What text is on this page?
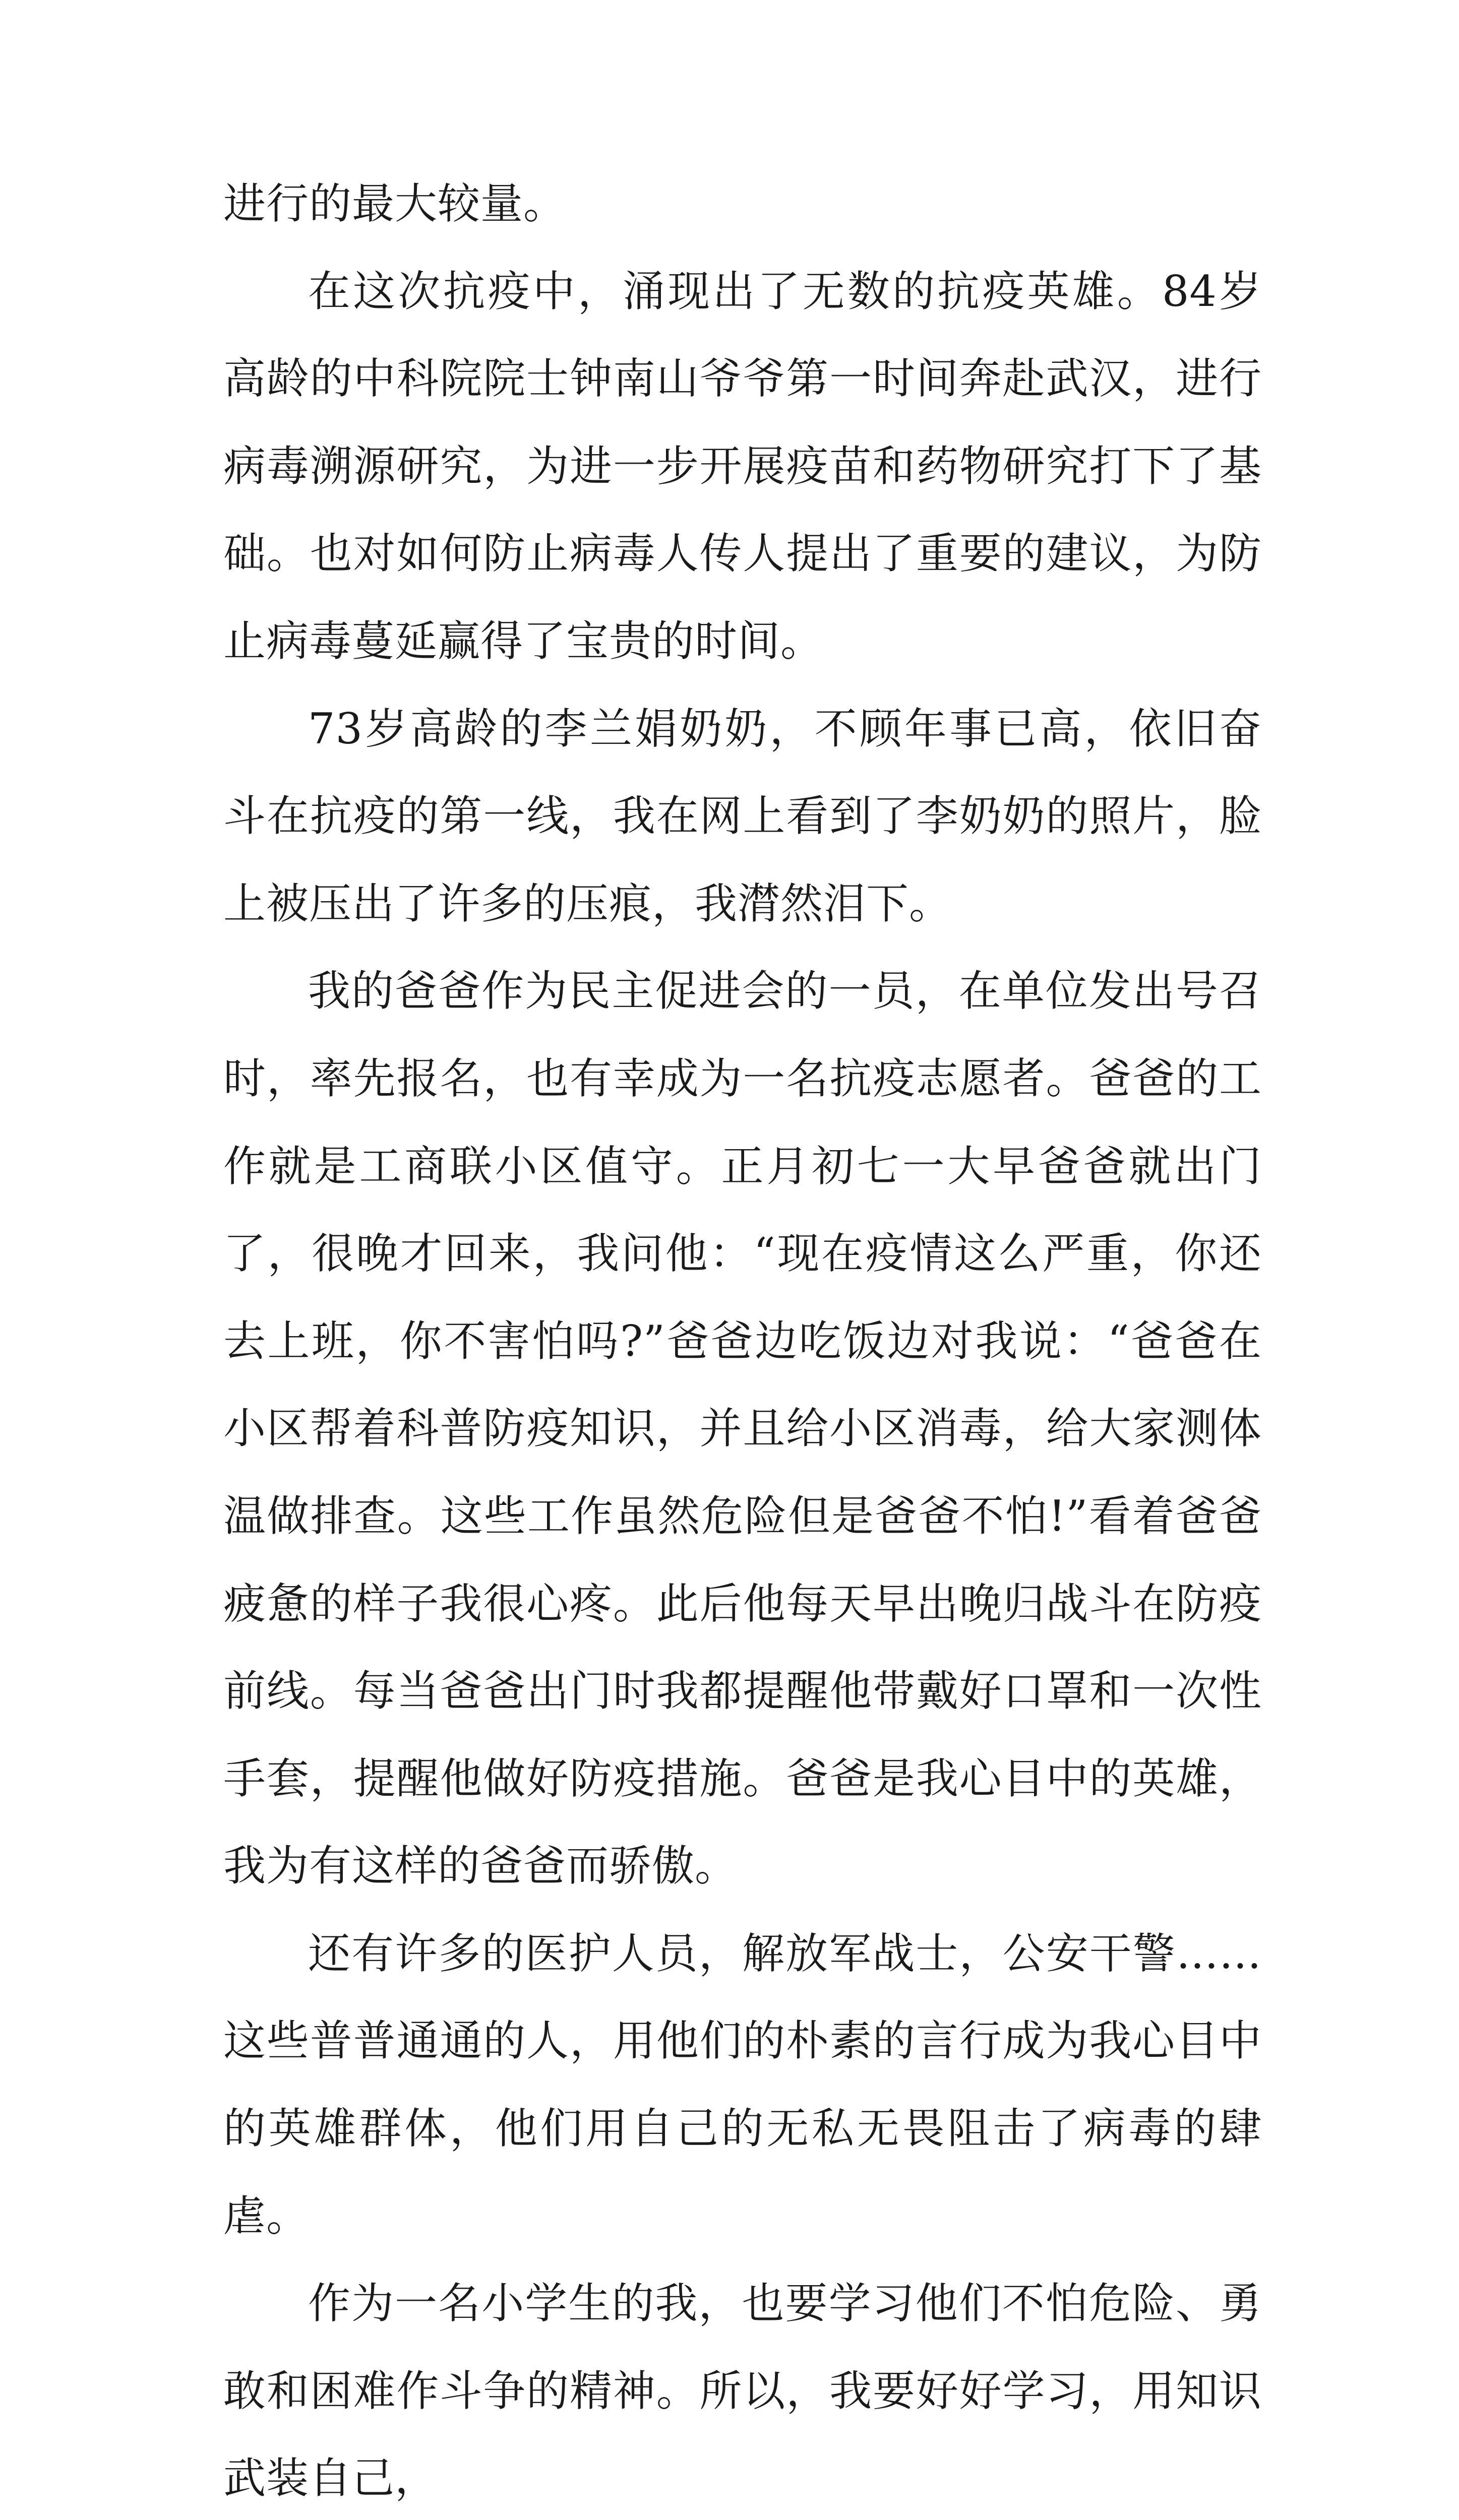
进行的最大较量。

在这次抗疫中，涌现出了无数的抗疫英雄。84岁高龄的中科院院士钟南山爷爷第一时间奔赴武汉，进行病毒溯源研究，为进一步开展疫苗和药物研究打下了基础。也对如何防止病毒人传人提出了重要的建议，为防止病毒蔓延赢得了宝贵的时间。

73岁高龄的李兰娟奶奶，不顾年事已高，依旧奋斗在抗疫的第一线，我在网上看到了李奶奶的照片，脸上被压出了许多的压痕，我潸然泪下。

我的爸爸作为民主促进会的一员，在单位发出号召时，率先报名，也有幸成为一名抗疫志愿者。爸爸的工作就是工商联小区值守。正月初七一大早爸爸就出门了，很晚才回来，我问他：“现在疫情这么严重，你还去上班，你不害怕吗?”爸爸边吃饭边对我说：“爸爸在小区帮着科普防疫知识，并且给小区消毒，给大家测体温做排查。这些工作虽然危险但是爸爸不怕!”看着爸爸疲惫的样子我很心疼。此后他每天早出晚归战斗在防疫前线。每当爸爸出门时我都提醒他带戴好口罩和一次性手套，提醒他做好防疫措施。爸爸是我心目中的英雄，我为有这样的爸爸而骄傲。

还有许多的医护人员，解放军战士，公安干警……这些普普通通的人，用他们的朴素的言行成为我心目中的英雄群体，他们用自己的无私无畏阻击了病毒的肆虐。

作为一名小学生的我，也要学习他们不怕危险、勇敢和困难作斗争的精神。所以，我要好好学习，用知识武装自己，
